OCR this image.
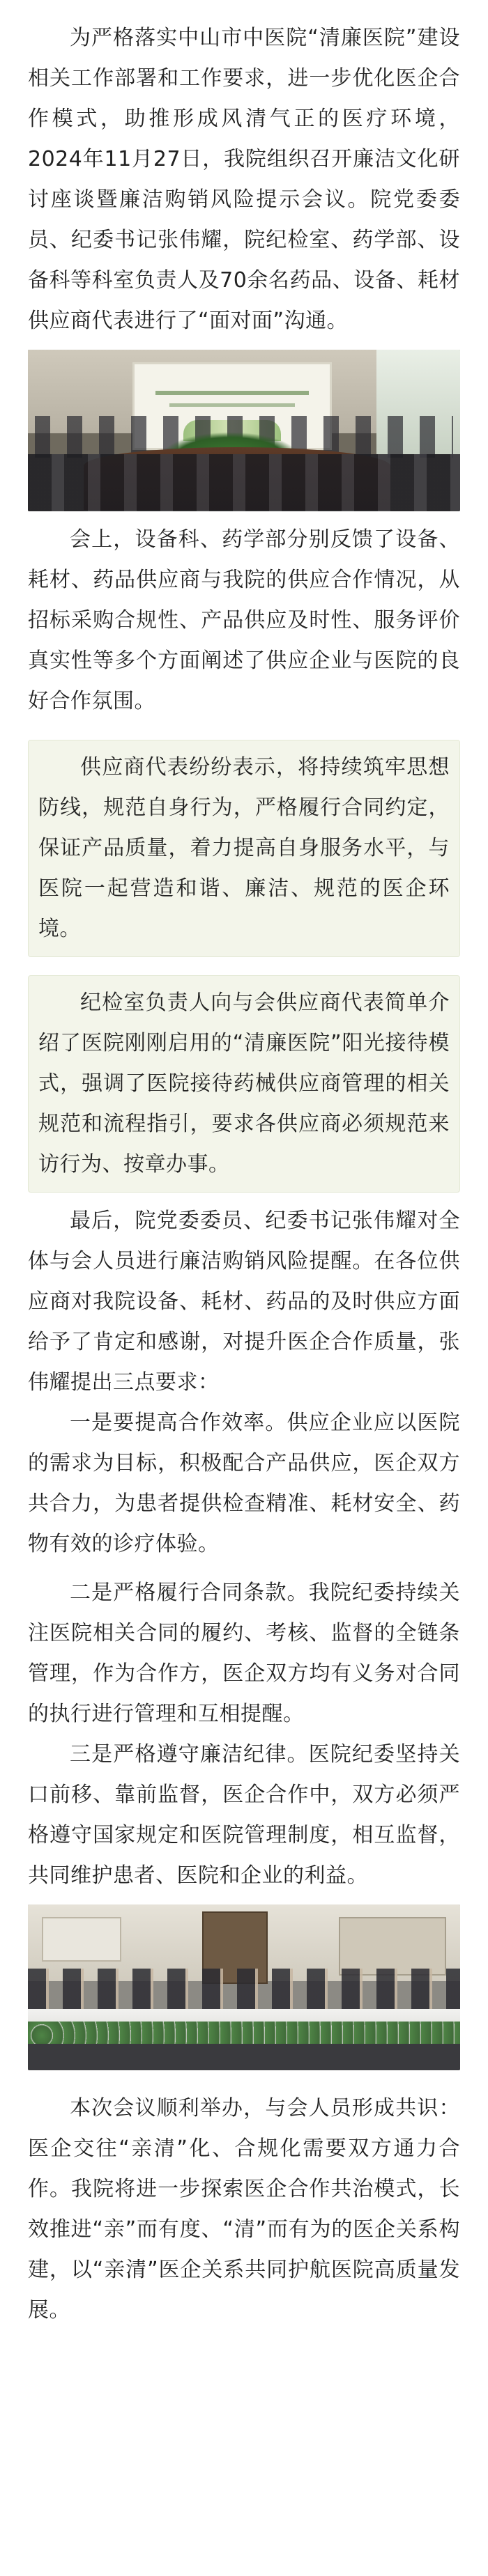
为严格落实中山市中医院“清廉医院”建设相关工作部署和工作要求，进一步优化医企合作模式，助推形成风清气正的医疗环境，2024年11月27日，我院组织召开廉洁文化研讨座谈暨廉洁购销风险提示会议。院党委委员、纪委书记张伟耀，院纪检室、药学部、设备科等科室负责人及70余名药品、设备、耗材供应商代表进行了“面对面”沟通。

会上，设备科、药学部分别反馈了设备、耗材、药品供应商与我院的供应合作情况，从招标采购合规性、产品供应及时性、服务评价真实性等多个方面阐述了供应企业与医院的良好合作氛围。

供应商代表纷纷表示，将持续筑牢思想防线，规范自身行为，严格履行合同约定，保证产品质量，着力提高自身服务水平，与医院一起营造和谐、廉洁、规范的医企环境。

纪检室负责人向与会供应商代表简单介绍了医院刚刚启用的“清廉医院”阳光接待模式，强调了医院接待药械供应商管理的相关规范和流程指引，要求各供应商必须规范来访行为、按章办事。

最后，院党委委员、纪委书记张伟耀对全体与会人员进行廉洁购销风险提醒。在各位供应商对我院设备、耗材、药品的及时供应方面给予了肯定和感谢，对提升医企合作质量，张伟耀提出三点要求：

一是要提高合作效率。供应企业应以医院的需求为目标，积极配合产品供应，医企双方共合力，为患者提供检查精准、耗材安全、药物有效的诊疗体验。

二是严格履行合同条款。我院纪委持续关注医院相关合同的履约、考核、监督的全链条管理，作为合作方，医企双方均有义务对合同的执行进行管理和互相提醒。

三是严格遵守廉洁纪律。医院纪委坚持关口前移、靠前监督，医企合作中，双方必须严格遵守国家规定和医院管理制度，相互监督，共同维护患者、医院和企业的利益。

本次会议顺利举办，与会人员形成共识：医企交往“亲清”化、合规化需要双方通力合作。我院将进一步探索医企合作共治模式，长效推进“亲”而有度、“清”而有为的医企关系构建，以“亲清”医企关系共同护航医院高质量发展。
